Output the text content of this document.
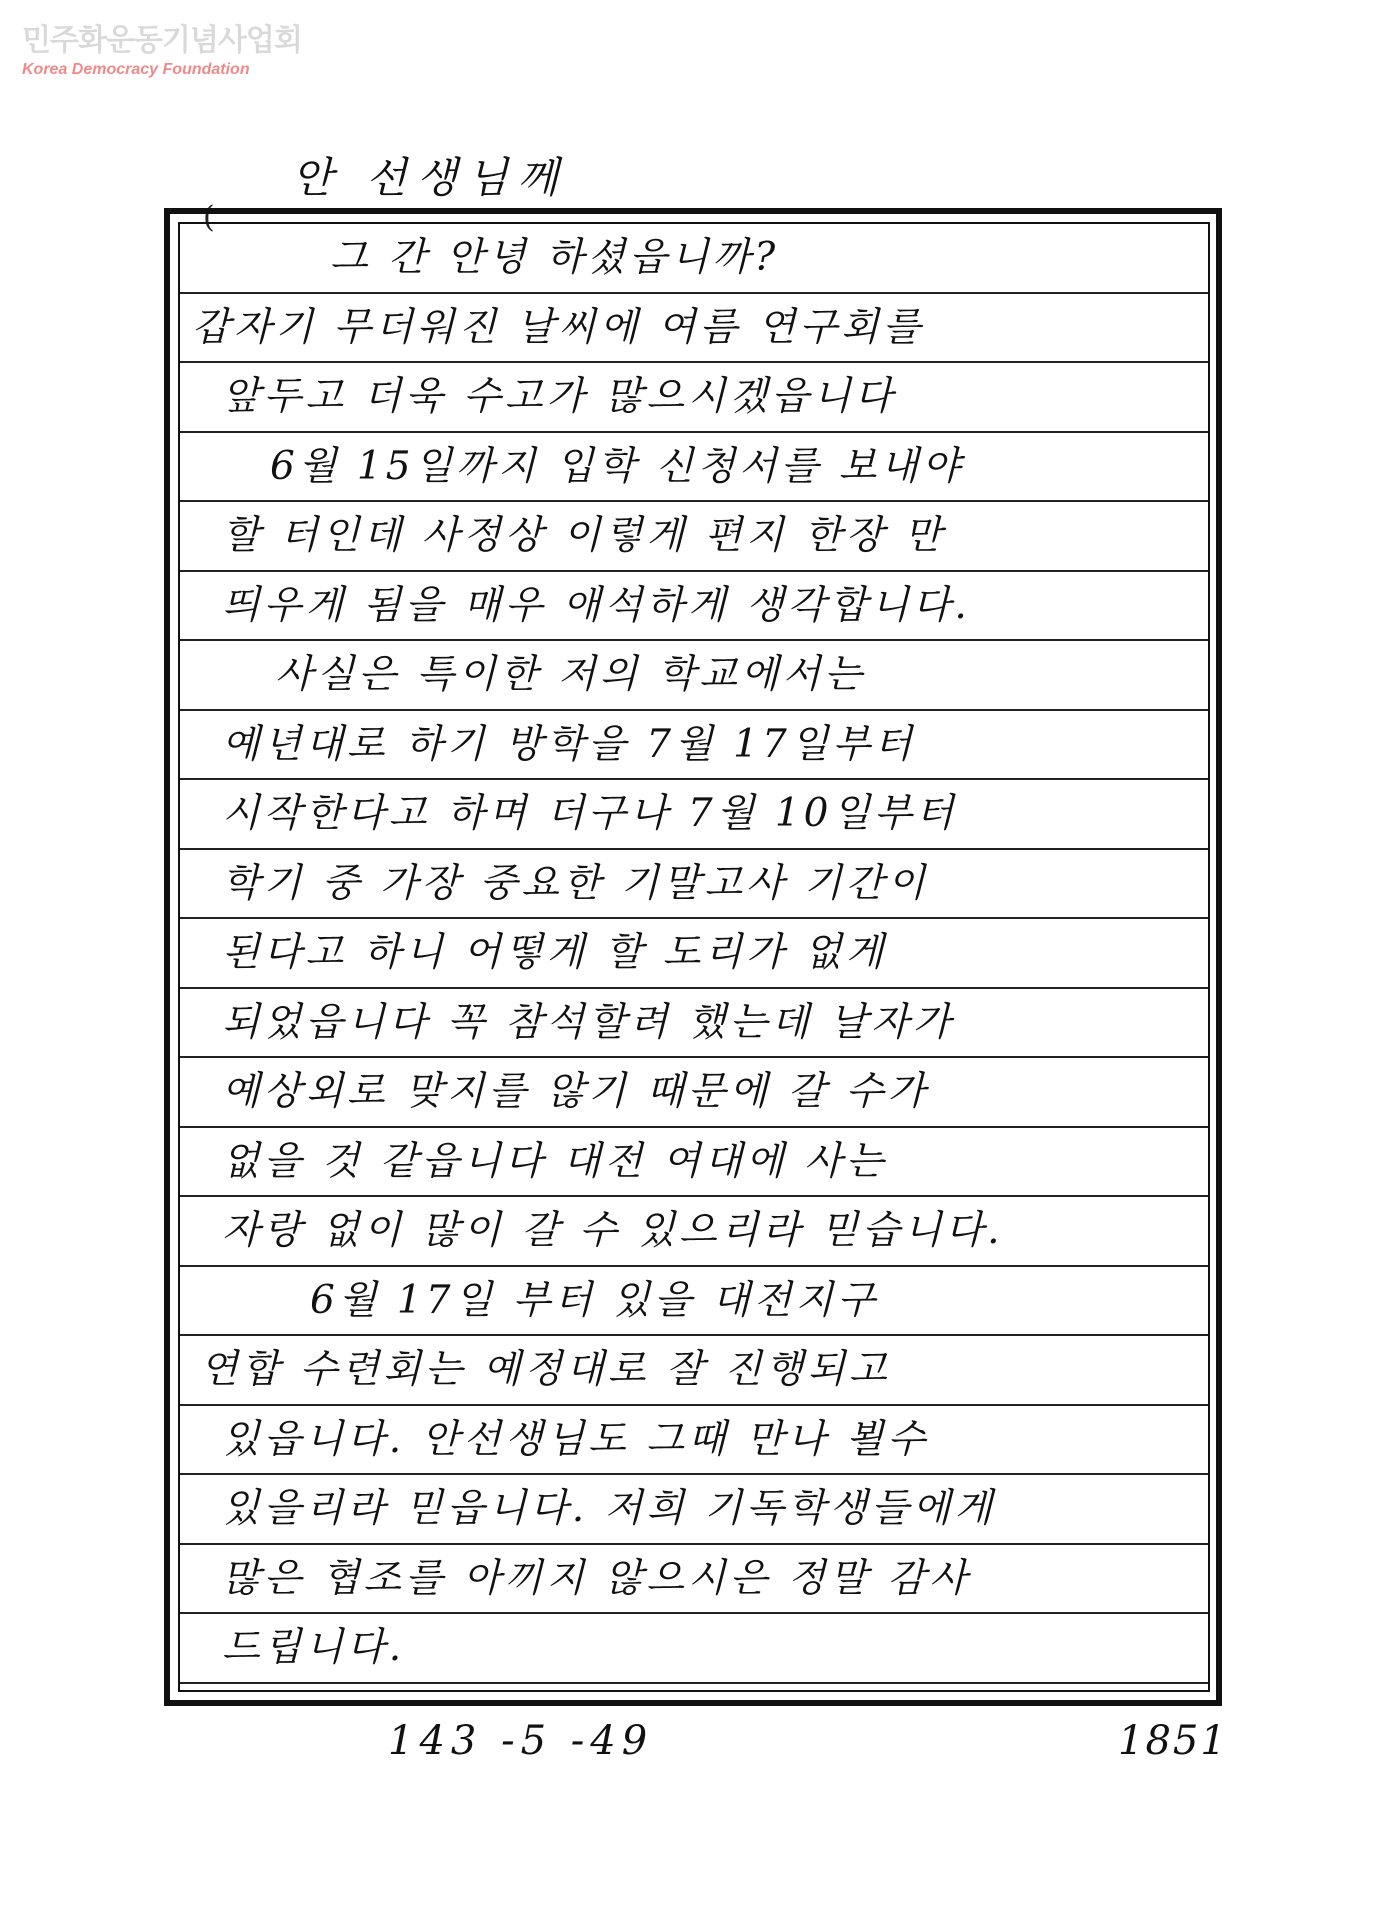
민주화운동기념사업회
Korea Democracy Foundation
안 선생님께
(
그 간 안녕 하셨읍니까?
갑자기 무더워진 날씨에 여름 연구회를
앞두고 더욱 수고가 많으시겠읍니다
6월 15일까지 입학 신청서를 보내야
할 터인데 사정상 이렇게 편지 한장 만
띄우게 됨을 매우 애석하게 생각합니다.
사실은 특이한 저의 학교에서는
예년대로 하기 방학을 7월 17일부터
시작한다고 하며 더구나 7월 10일부터
학기 중 가장 중요한 기말고사 기간이
된다고 하니 어떻게 할 도리가 없게
되었읍니다 꼭 참석할려 했는데 날자가
예상외로 맞지를 않기 때문에 갈 수가
없을 것 같읍니다 대전 여대에 사는
자랑 없이 많이 갈 수 있으리라 믿습니다.
6월 17일 부터 있을 대전지구
연합 수련회는 예정대로 잘 진행되고
있읍니다. 안선생님도 그때 만나 뵐수
있을리라 믿읍니다. 저희 기독학생들에게
많은 협조를 아끼지 않으시은 정말 감사
드립니다.
143 -5 -49	1851
